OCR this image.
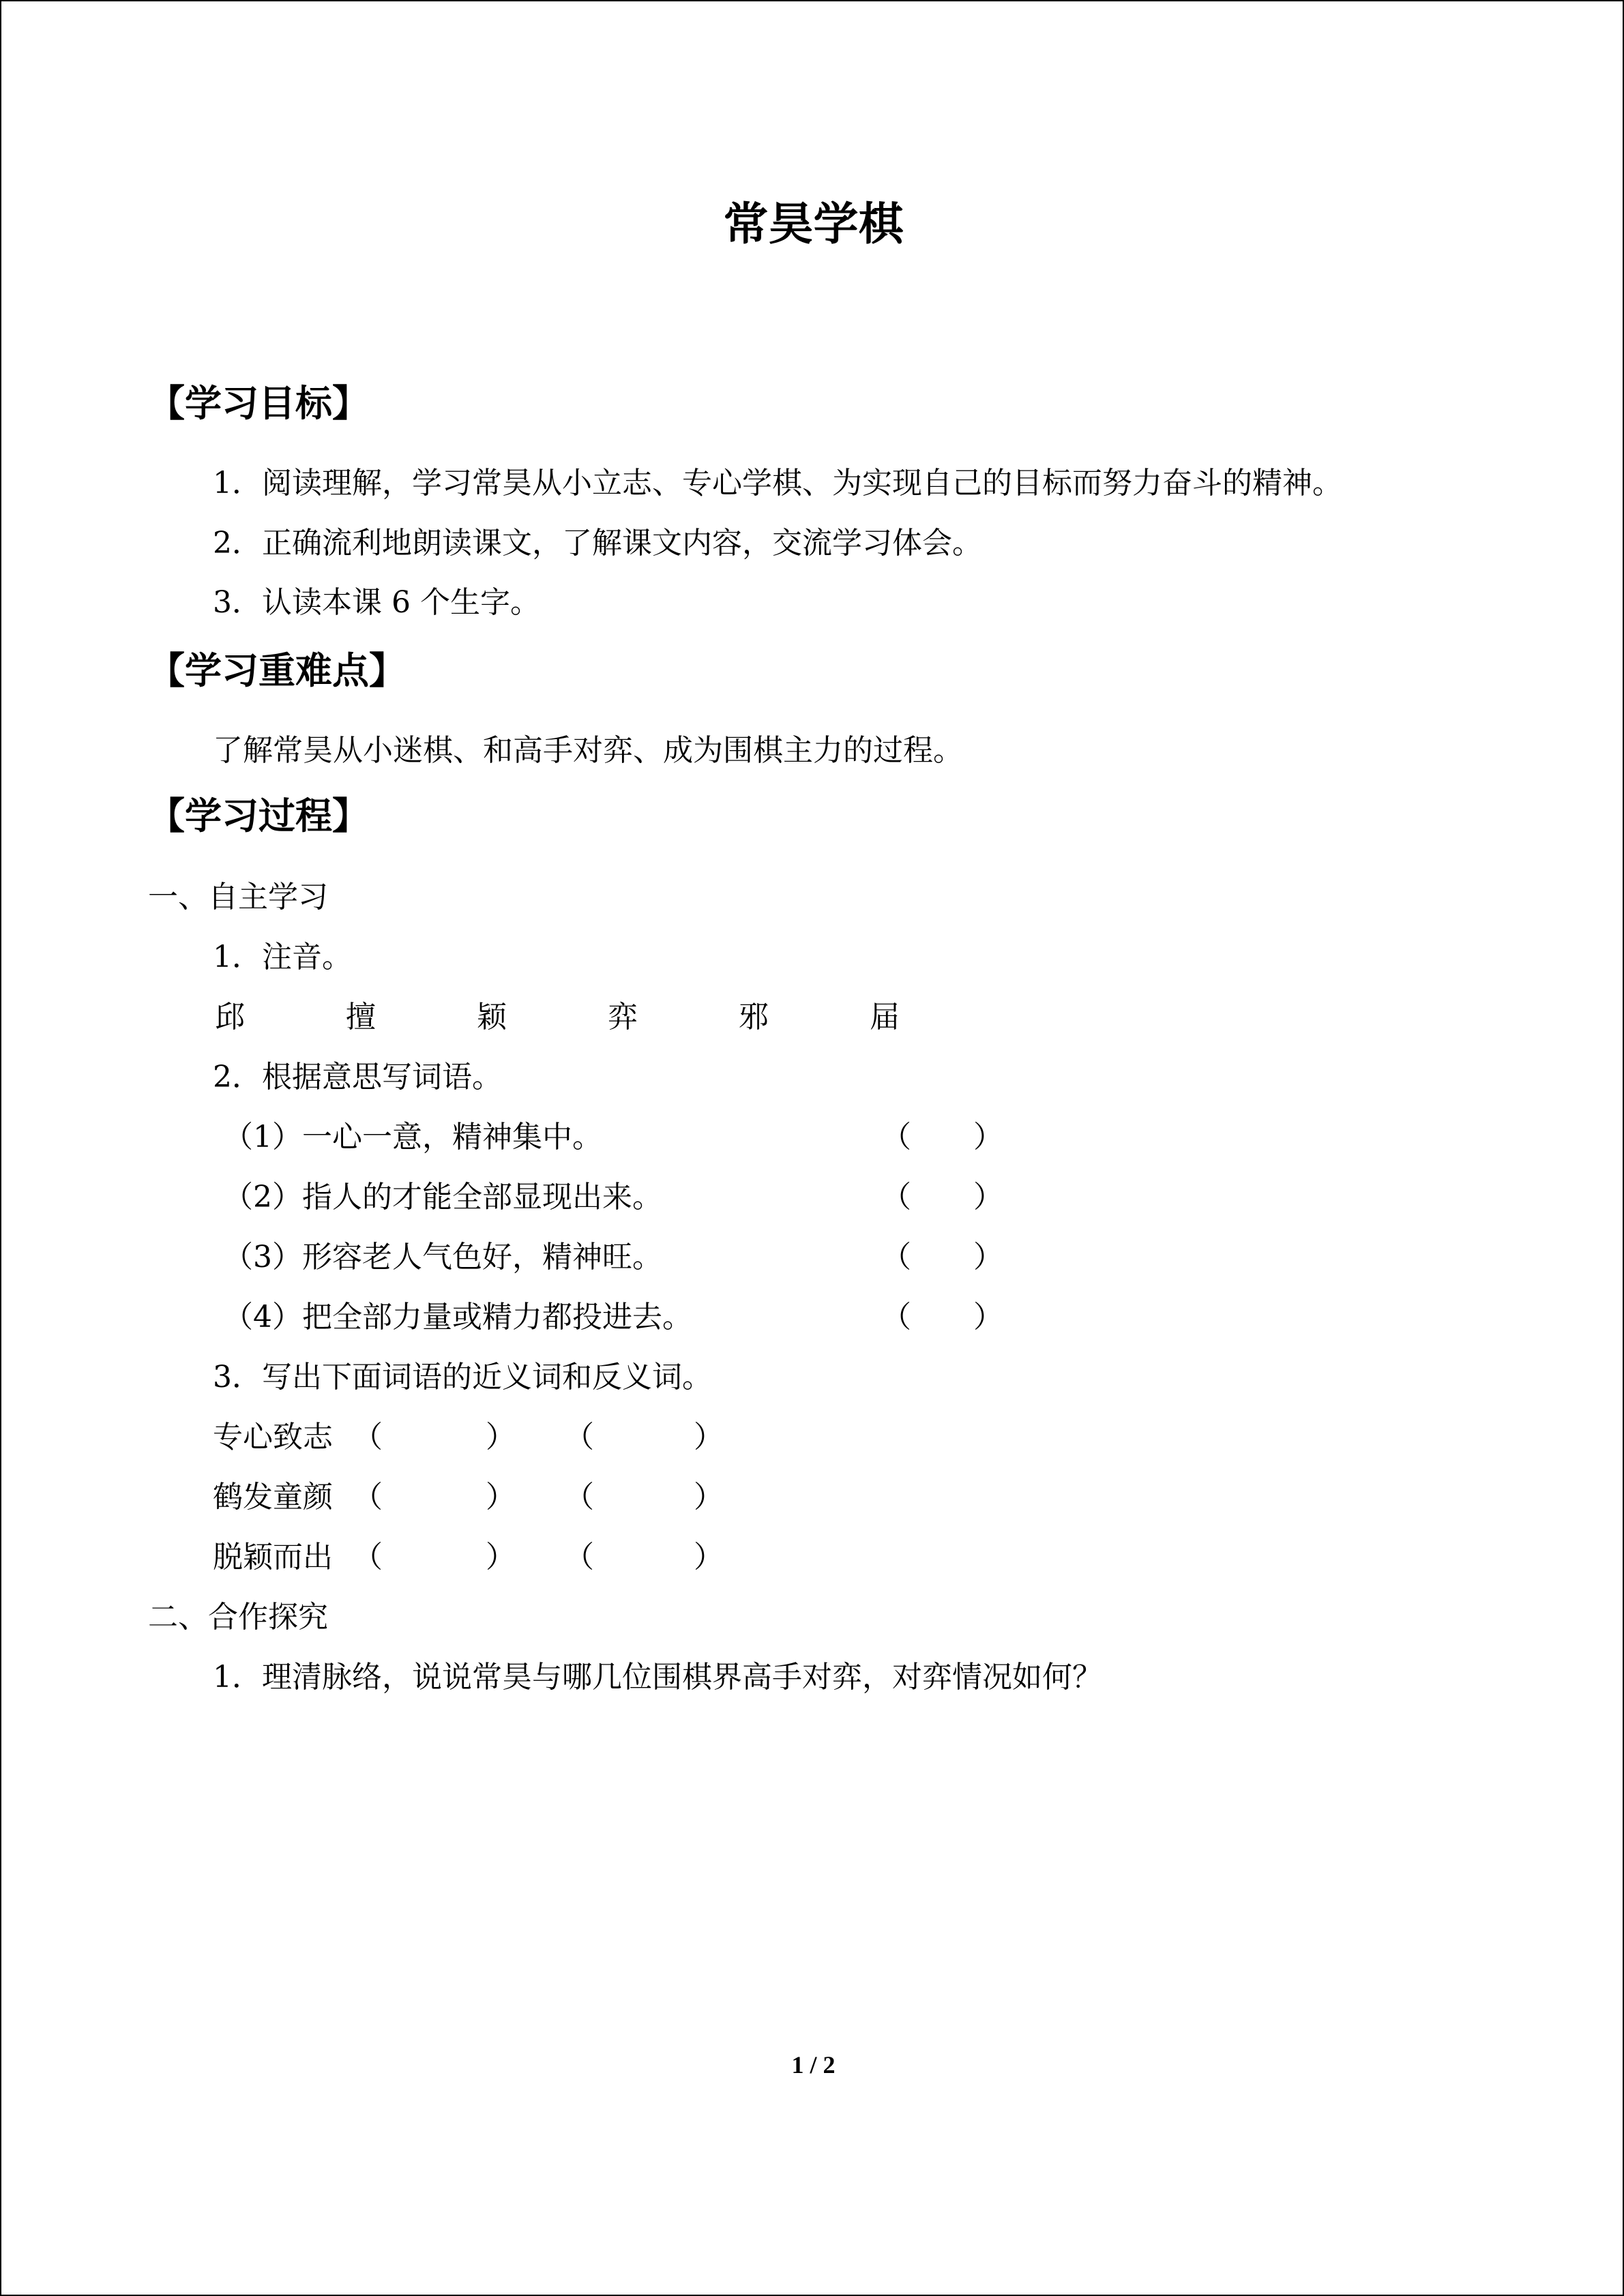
常昊学棋
【学习目标】
1．阅读理解，学习常昊从小立志、专心学棋、为实现自己的目标而努力奋斗的精神。
2．正确流利地朗读课文，了解课文内容，交流学习体会。
3．认读本课 6 个生字。
【学习重难点】
了解常昊从小迷棋、和高手对弈、成为围棋主力的过程。
【学习过程】
一、自主学习
1．注音。
邱	擅	颖	弈	邪	届
2．根据意思写词语。
（1）一心一意，精神集中。	（ ）
（2）指人的才能全部显现出来。	（ ）
（3）形容老人气色好，精神旺。	（ ）
（4）把全部力量或精力都投进去。	（ ）
3．写出下面词语的近义词和反义词。
专心致志 （	） （	）
鹤发童颜 （	） （	）
脱颖而出 （	） （	）
二、合作探究
1．理清脉络，说说常昊与哪几位围棋界高手对弈，对弈情况如何？
1 / 2
